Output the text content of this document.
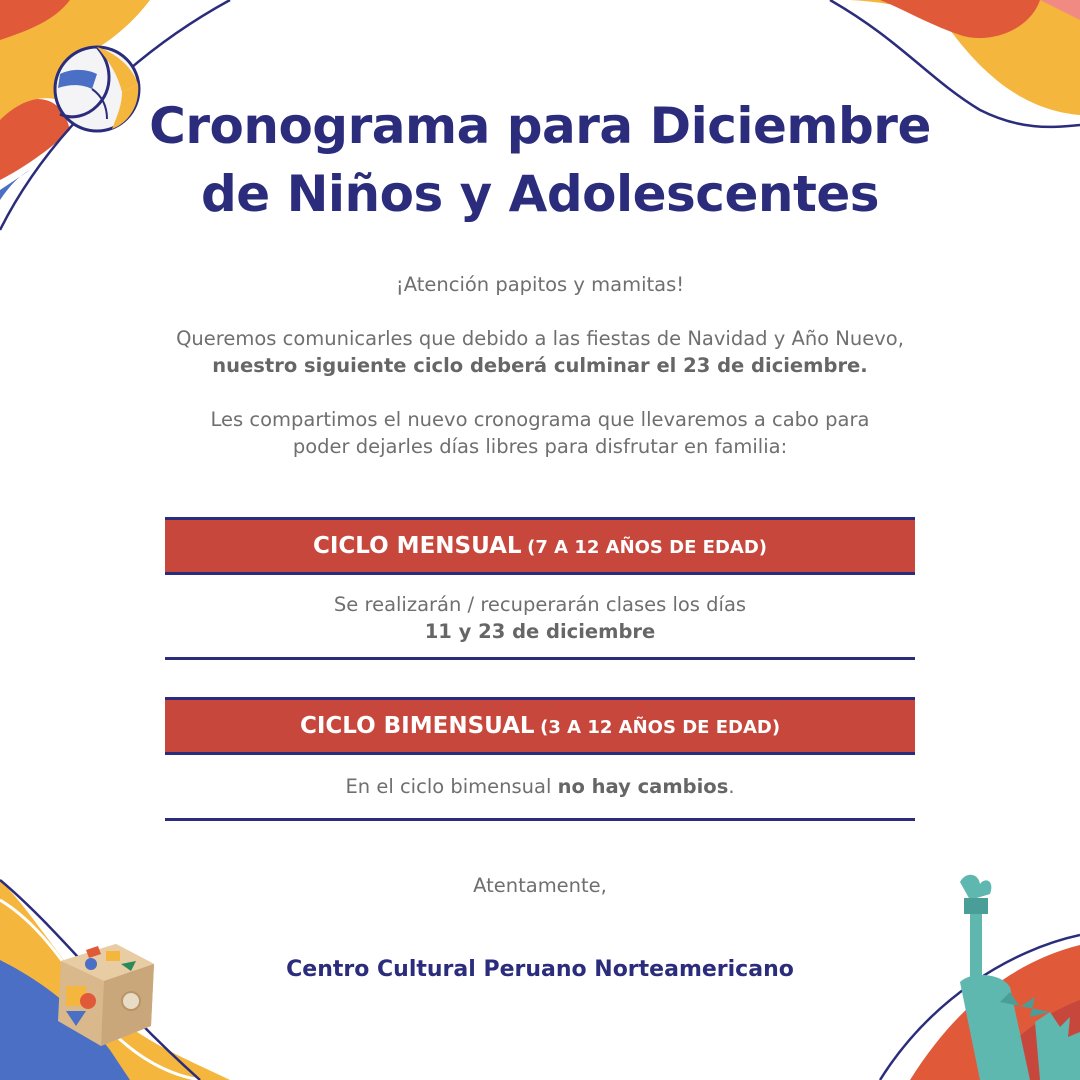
Cronograma para Diciembre
de Niños y Adolescentes
¡Atención papitos y mamitas!
Queremos comunicarles que debido a las fiestas de Navidad y Año Nuevo, nuestro siguiente ciclo deberá culminar el 23 de diciembre.
Les compartimos el nuevo cronograma que llevaremos a cabo para
poder dejarles días libres para disfrutar en familia:
CICLO MENSUAL (7 A 12 AÑOS DE EDAD)
Se realizarán / recuperarán clases los días
11 y 23 de diciembre
CICLO BIMENSUAL (3 A 12 AÑOS DE EDAD)
En el ciclo bimensual no hay cambios.
Atentamente,
Centro Cultural Peruano Norteamericano
